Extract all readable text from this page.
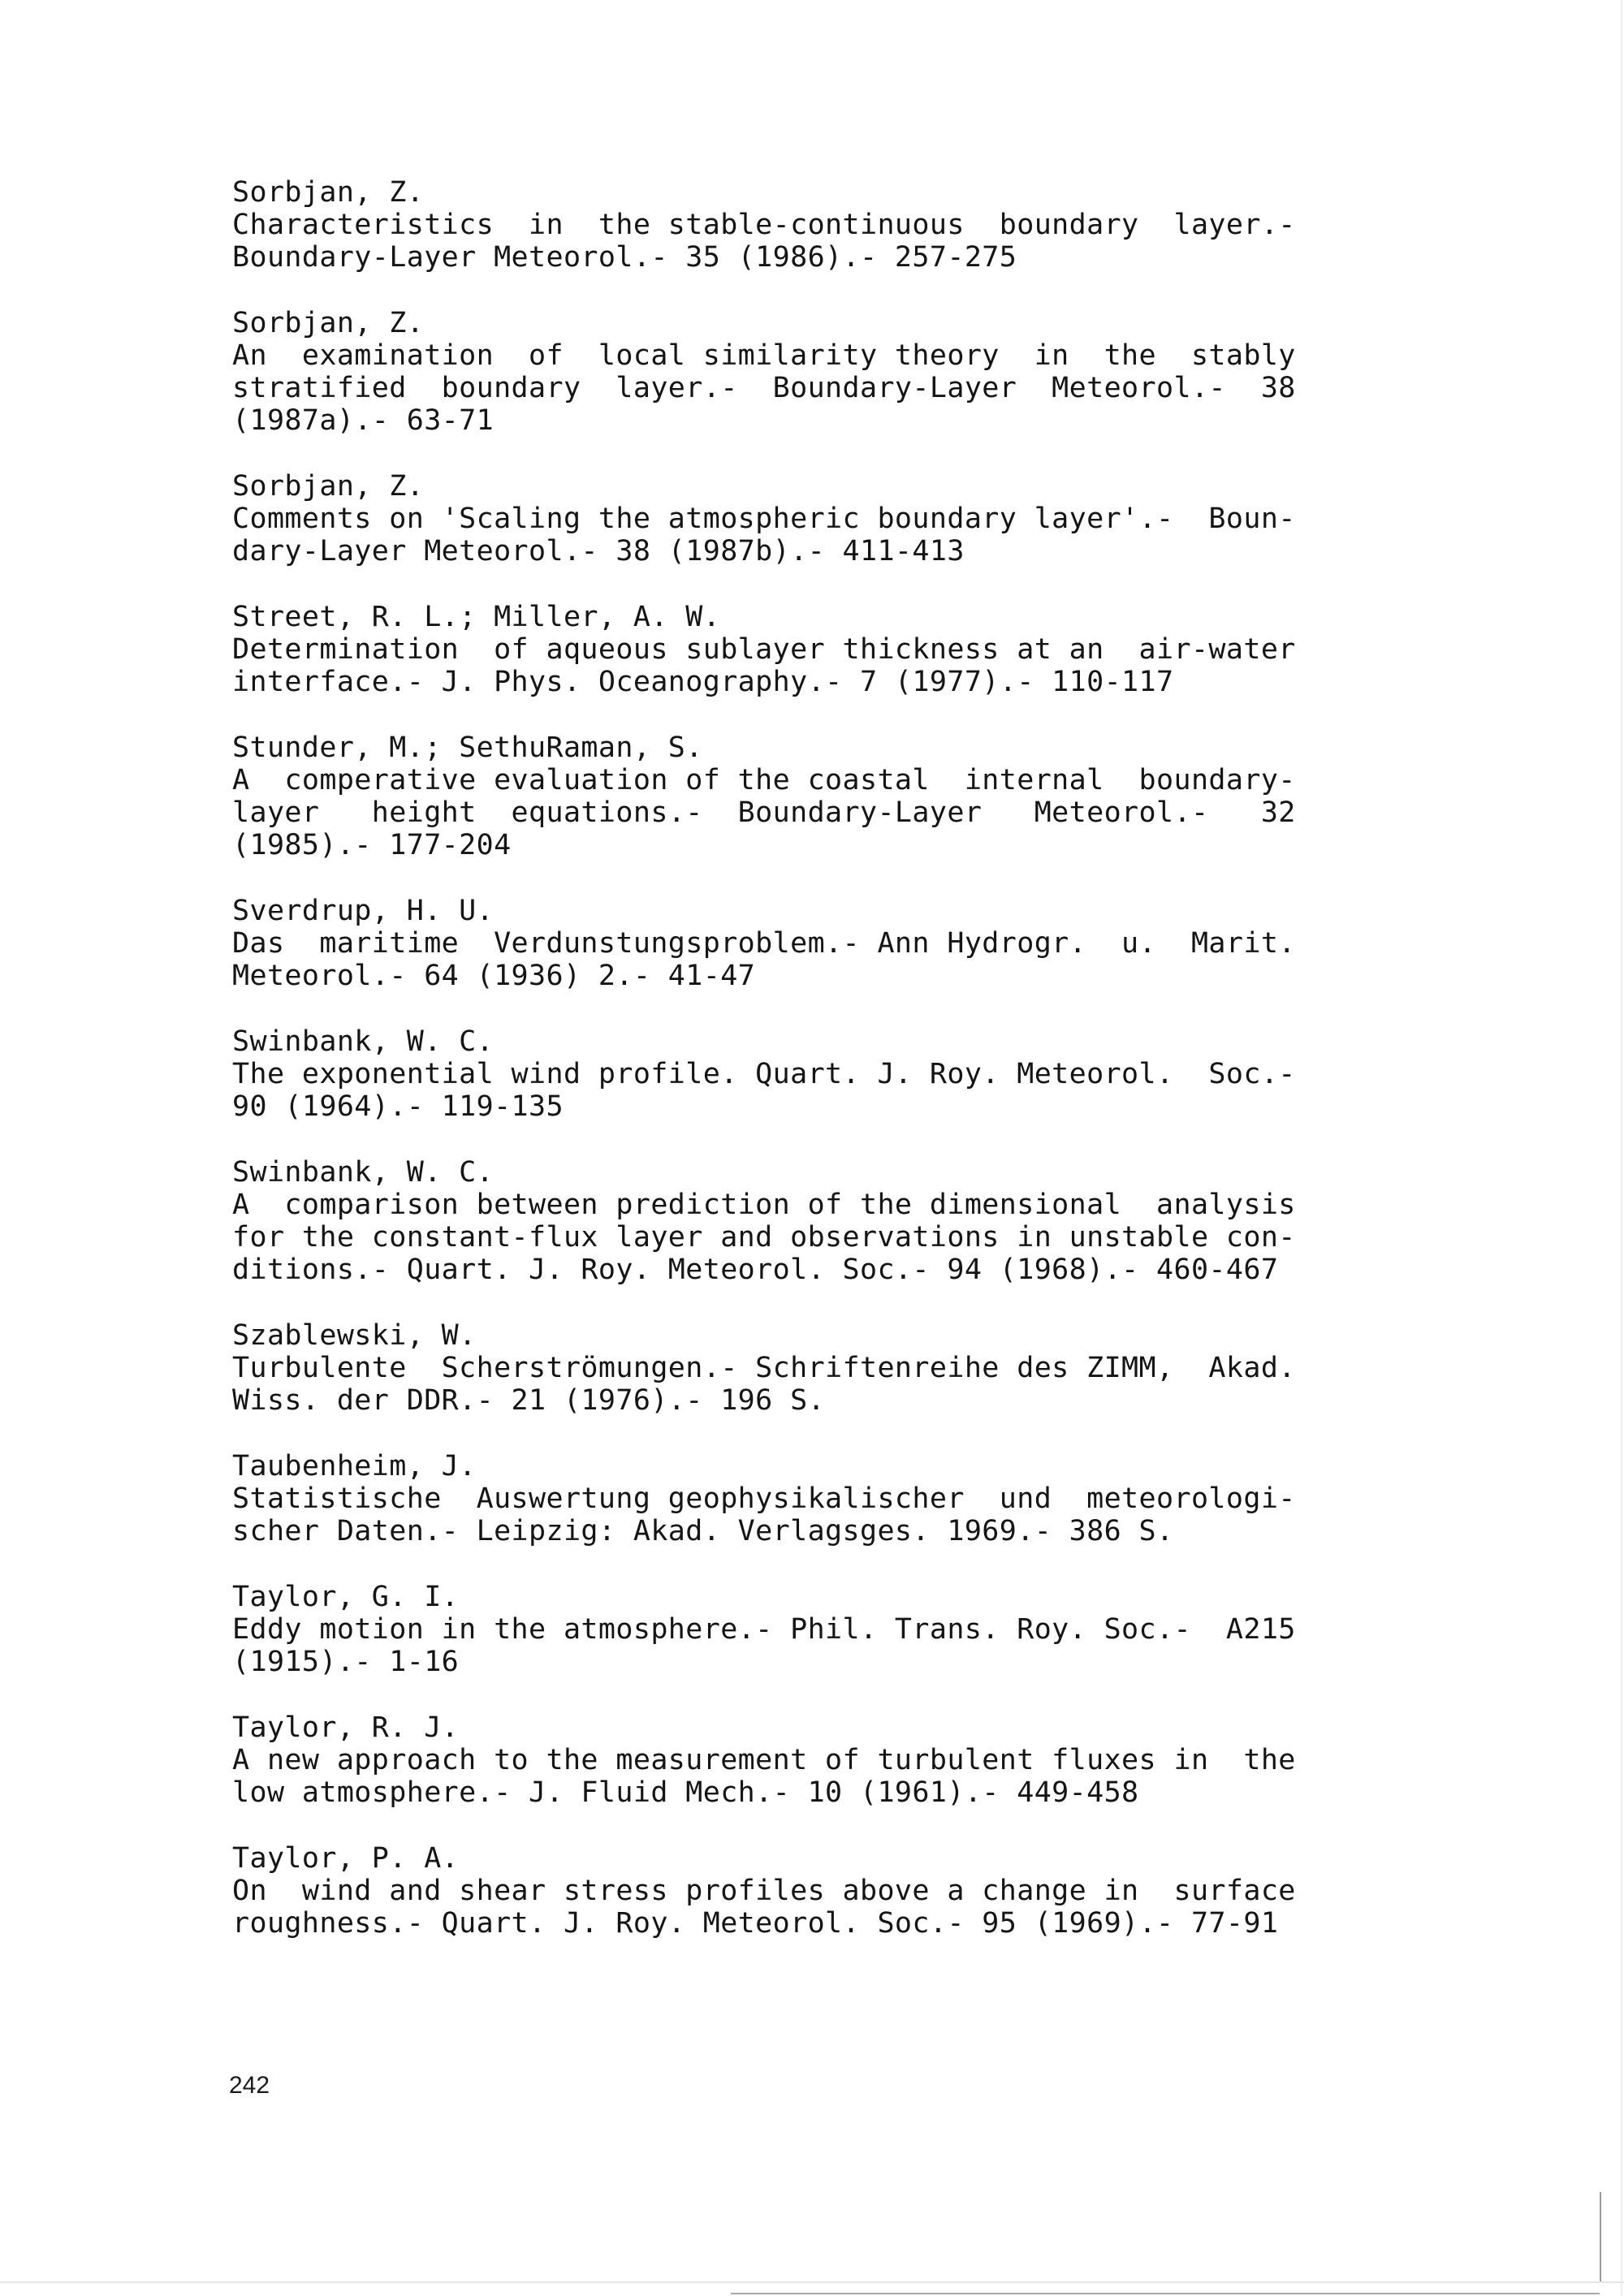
Sorbjan, Z.
Characteristics  in  the stable-continuous  boundary  layer.-
Boundary-Layer Meteorol.- 35 (1986).- 257-275
Sorbjan, Z.
An  examination  of  local similarity theory  in  the  stably
stratified  boundary  layer.-  Boundary-Layer  Meteorol.-  38
(1987a).- 63-71
Sorbjan, Z.
Comments on 'Scaling the atmospheric boundary layer'.-  Boun-
dary-Layer Meteorol.- 38 (1987b).- 411-413
Street, R. L.; Miller, A. W.
Determination  of aqueous sublayer thickness at an  air-water
interface.- J. Phys. Oceanography.- 7 (1977).- 110-117
Stunder, M.; SethuRaman, S.
A  comperative evaluation of the coastal  internal  boundary-
layer   height  equations.-  Boundary-Layer   Meteorol.-   32
(1985).- 177-204
Sverdrup, H. U.
Das  maritime  Verdunstungsproblem.- Ann Hydrogr.  u.  Marit.
Meteorol.- 64 (1936) 2.- 41-47
Swinbank, W. C.
The exponential wind profile. Quart. J. Roy. Meteorol.  Soc.-
90 (1964).- 119-135
Swinbank, W. C.
A  comparison between prediction of the dimensional  analysis
for the constant-flux layer and observations in unstable con-
ditions.- Quart. J. Roy. Meteorol. Soc.- 94 (1968).- 460-467
Szablewski, W.
Turbulente  Scherströmungen.- Schriftenreihe des ZIMM,  Akad.
Wiss. der DDR.- 21 (1976).- 196 S.
Taubenheim, J.
Statistische  Auswertung geophysikalischer  und  meteorologi-
scher Daten.- Leipzig: Akad. Verlagsges. 1969.- 386 S.
Taylor, G. I.
Eddy motion in the atmosphere.- Phil. Trans. Roy. Soc.-  A215
(1915).- 1-16
Taylor, R. J.
A new approach to the measurement of turbulent fluxes in  the
low atmosphere.- J. Fluid Mech.- 10 (1961).- 449-458
Taylor, P. A.
On  wind and shear stress profiles above a change in  surface
roughness.- Quart. J. Roy. Meteorol. Soc.- 95 (1969).- 77-91
242
